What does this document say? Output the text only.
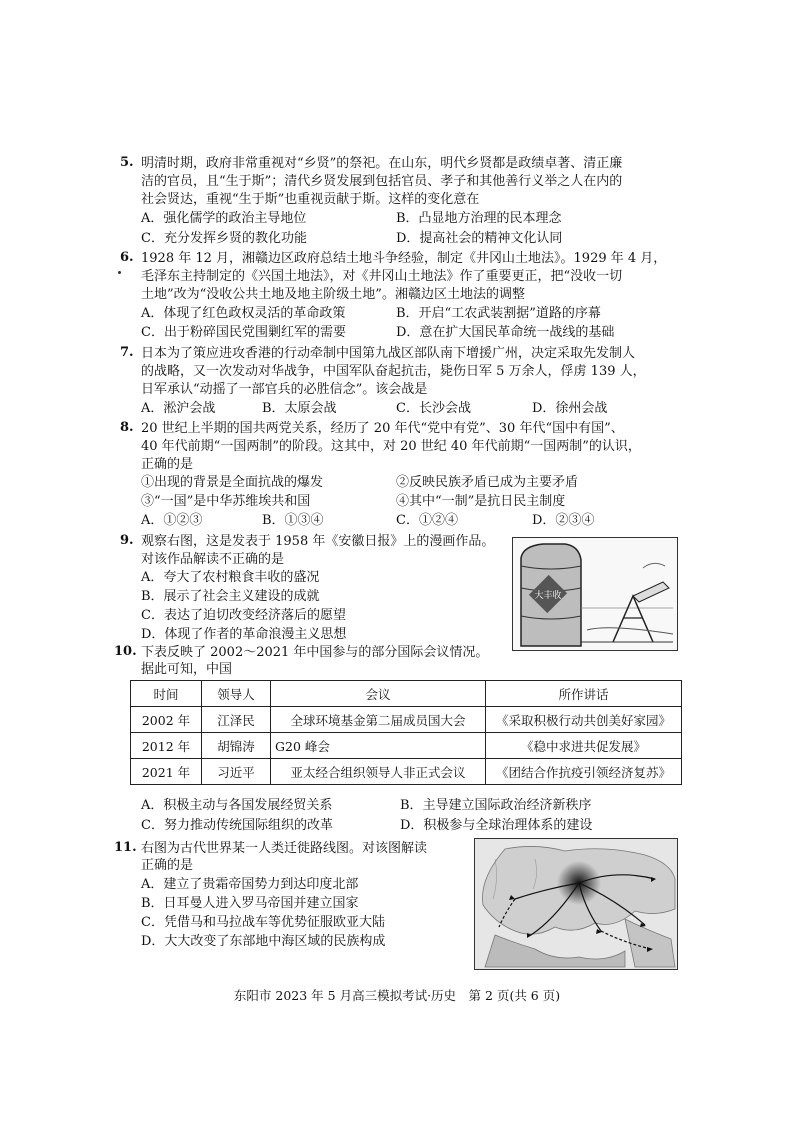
5. 明清时期，政府非常重视对“乡贤”的祭祀。在山东，明代乡贤都是政绩卓著、清正廉
洁的官员，且“生于斯”；清代乡贤发展到包括官员、孝子和其他善行义举之人在内的
社会贤达，重视“生于斯”也重视贡献于斯。这样的变化意在
A．强化儒学的政治主导地位	B．凸显地方治理的民本理念
C．充分发挥乡贤的教化功能	D．提高社会的精神文化认同
6. 1928 年 12 月，湘赣边区政府总结土地斗争经验，制定《井冈山土地法》。1929 年 4 月，
毛泽东主持制定的《兴国土地法》，对《井冈山土地法》作了重要更正，把“没收一切
土地”改为“没收公共土地及地主阶级土地”。湘赣边区土地法的调整
A．体现了红色政权灵活的革命政策	B．开启“工农武装割据”道路的序幕
C．出于粉碎国民党围剿红军的需要	D．意在扩大国民革命统一战线的基础
7. 日本为了策应进攻香港的行动牵制中国第九战区部队南下增援广州，决定采取先发制人
的战略，又一次发动对华战争，中国军队奋起抗击，毙伤日军 5 万余人，俘虏 139 人，
日军承认“动摇了一部官兵的必胜信念”。该会战是
A．淞沪会战	B．太原会战	C．长沙会战	D．徐州会战
8. 20 世纪上半期的国共两党关系，经历了 20 年代“党中有党”、30 年代“国中有国”、
40 年代前期“一国两制”的阶段。这其中，对 20 世纪 40 年代前期“一国两制”的认识，
正确的是
①出现的背景是全面抗战的爆发	②反映民族矛盾已成为主要矛盾
③“一国”是中华苏维埃共和国	④其中“一制”是抗日民主制度
A．①②③	B．①③④	C．①②④	D．②③④
9. 观察右图，这是发表于 1958 年《安徽日报》上的漫画作品。
对该作品解读不正确的是
A．夸大了农村粮食丰收的盛况
B．展示了社会主义建设的成就
C．表达了迫切改变经济落后的愿望
D．体现了作者的革命浪漫主义思想
大丰收
10. 下表反映了 2002～2021 年中国参与的部分国际会议情况。
据此可知，中国
时间	领导人	会议	所作讲话
2002 年	江泽民	全球环境基金第二届成员国大会	《采取积极行动共创美好家园》
2012 年	胡锦涛	G20 峰会	《稳中求进共促发展》
2021 年	习近平	亚太经合组织领导人非正式会议	《团结合作抗疫引领经济复苏》
A．积极主动与各国发展经贸关系	B．主导建立国际政治经济新秩序
C．努力推动传统国际组织的改革	D．积极参与全球治理体系的建设
11. 右图为古代世界某一人类迁徙路线图。对该图解读
正确的是
A．建立了贵霜帝国势力到达印度北部
B．日耳曼人进入罗马帝国并建立国家
C．凭借马和马拉战车等优势征服欧亚大陆
D．大大改变了东部地中海区域的民族构成
东阳市 2023 年 5 月高三模拟考试·历史　第 2 页(共 6 页)
